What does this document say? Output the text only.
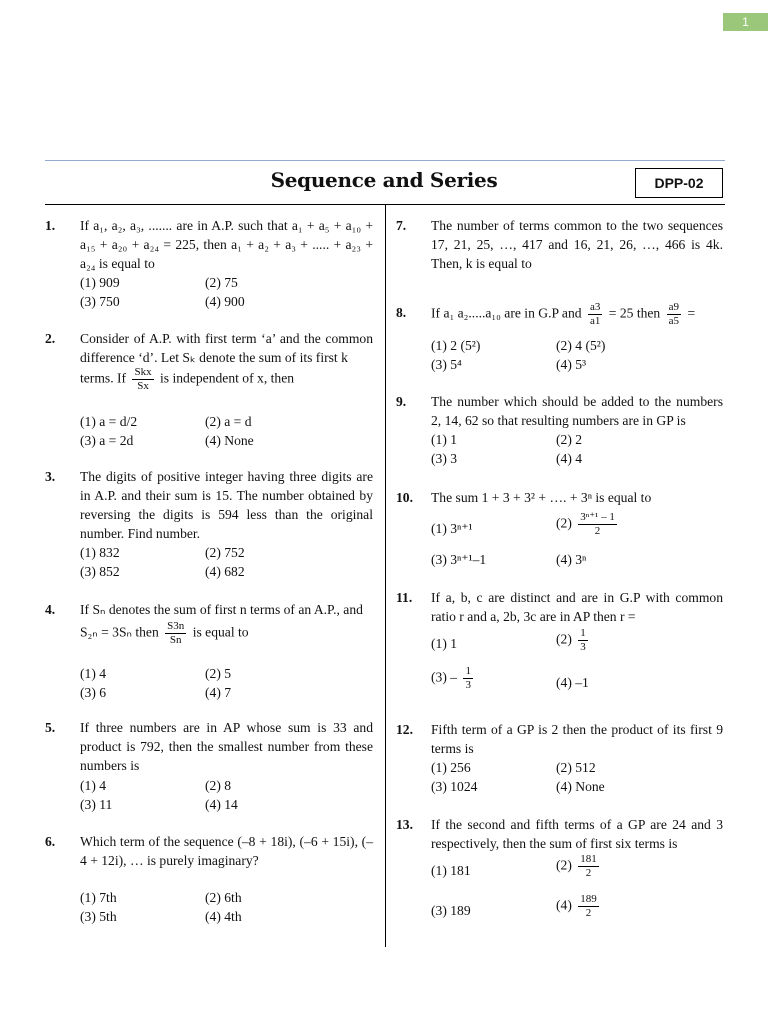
1
Sequence and Series	DPP-02
1. If a₁, a₂, a₃, ....... are in A.P. such that a₁ + a₅ + a₁₀ + a₁₅ + a₂₀ + a₂₄ = 225, then a₁ + a₂ + a₃ + ..... + a₂₃ + a₂₄ is equal to
(1) 909	(2) 75
(3) 750	(4) 900
2. Consider of A.P. with first term ‘a’ and the common difference ‘d’. Let Sₖ denote the sum of its first k
terms. If $\frac{\text{Skx}}{Sx}$ is independent of x, then
(1) a = d/2	(2) a = d
(3) a = 2d	(4) None
3. The digits of positive integer having three digits are in A.P. and their sum is 15. The number obtained by reversing the digits is 594 less than the original number. Find number.
(1) 832	(2) 752
(3) 852	(4) 682
4. If Sₙ denotes the sum of first n terms of an A.P., and
S₂ₙ = 3Sₙ then $\frac{S3n}{Sn}$ is equal to
(1) 4	(2) 5
(3) 6	(4) 7
5. If three numbers are in AP whose sum is 33 and product is 792, then the smallest number from these numbers is
(1) 4	(2) 8
(3) 11	(4) 14
6. Which term of the sequence (–8 + 18i), (–6 + 15i), (–4 + 12i), … is purely imaginary?
(1) 7th	(2) 6th
(3) 5th	(4) 4th
7. The number of terms common to the two sequences 17, 21, 25, …, 417 and 16, 21, 26, …, 466 is 4k. Then, k is equal to
8. If a₁ a₂.....a₁₀ are in G.P and $\frac{a3}{a1} = 25$ then $\frac{a9}{a5}$ =
(1) 2 (5²)	(2) 4 (5²)
(3) 5⁴	(4) 5³
9. The number which should be added to the numbers 2, 14, 62 so that resulting numbers are in GP is
(1) 1	(2) 2
(3) 3	(4) 4
10. The sum 1 + 3 + 3² + …. + 3ⁿ is equal to
(1) 3ⁿ⁺¹	$(2) \frac{\text{3ⁿ⁺¹ – 1}}{2}$
(3) 3ⁿ⁺¹–1	(4) 3ⁿ
11. If a, b, c are distinct and are in G.P with common ratio r and a, 2b, 3c are in AP then r =
(1) 1	$(2) \frac{1}{3}$
$(3) - \frac{1}{3}$	(4) –1
12. Fifth term of a GP is 2 then the product of its first 9 terms is
(1) 256	(2) 512
(3) 1024	(4) None
13. If the second and fifth terms of a GP are 24 and 3 respectively, then the sum of first six terms is
(1) 181	$(2) \frac{181}{2}$
(3) 189	$(4) \frac{189}{2}$
